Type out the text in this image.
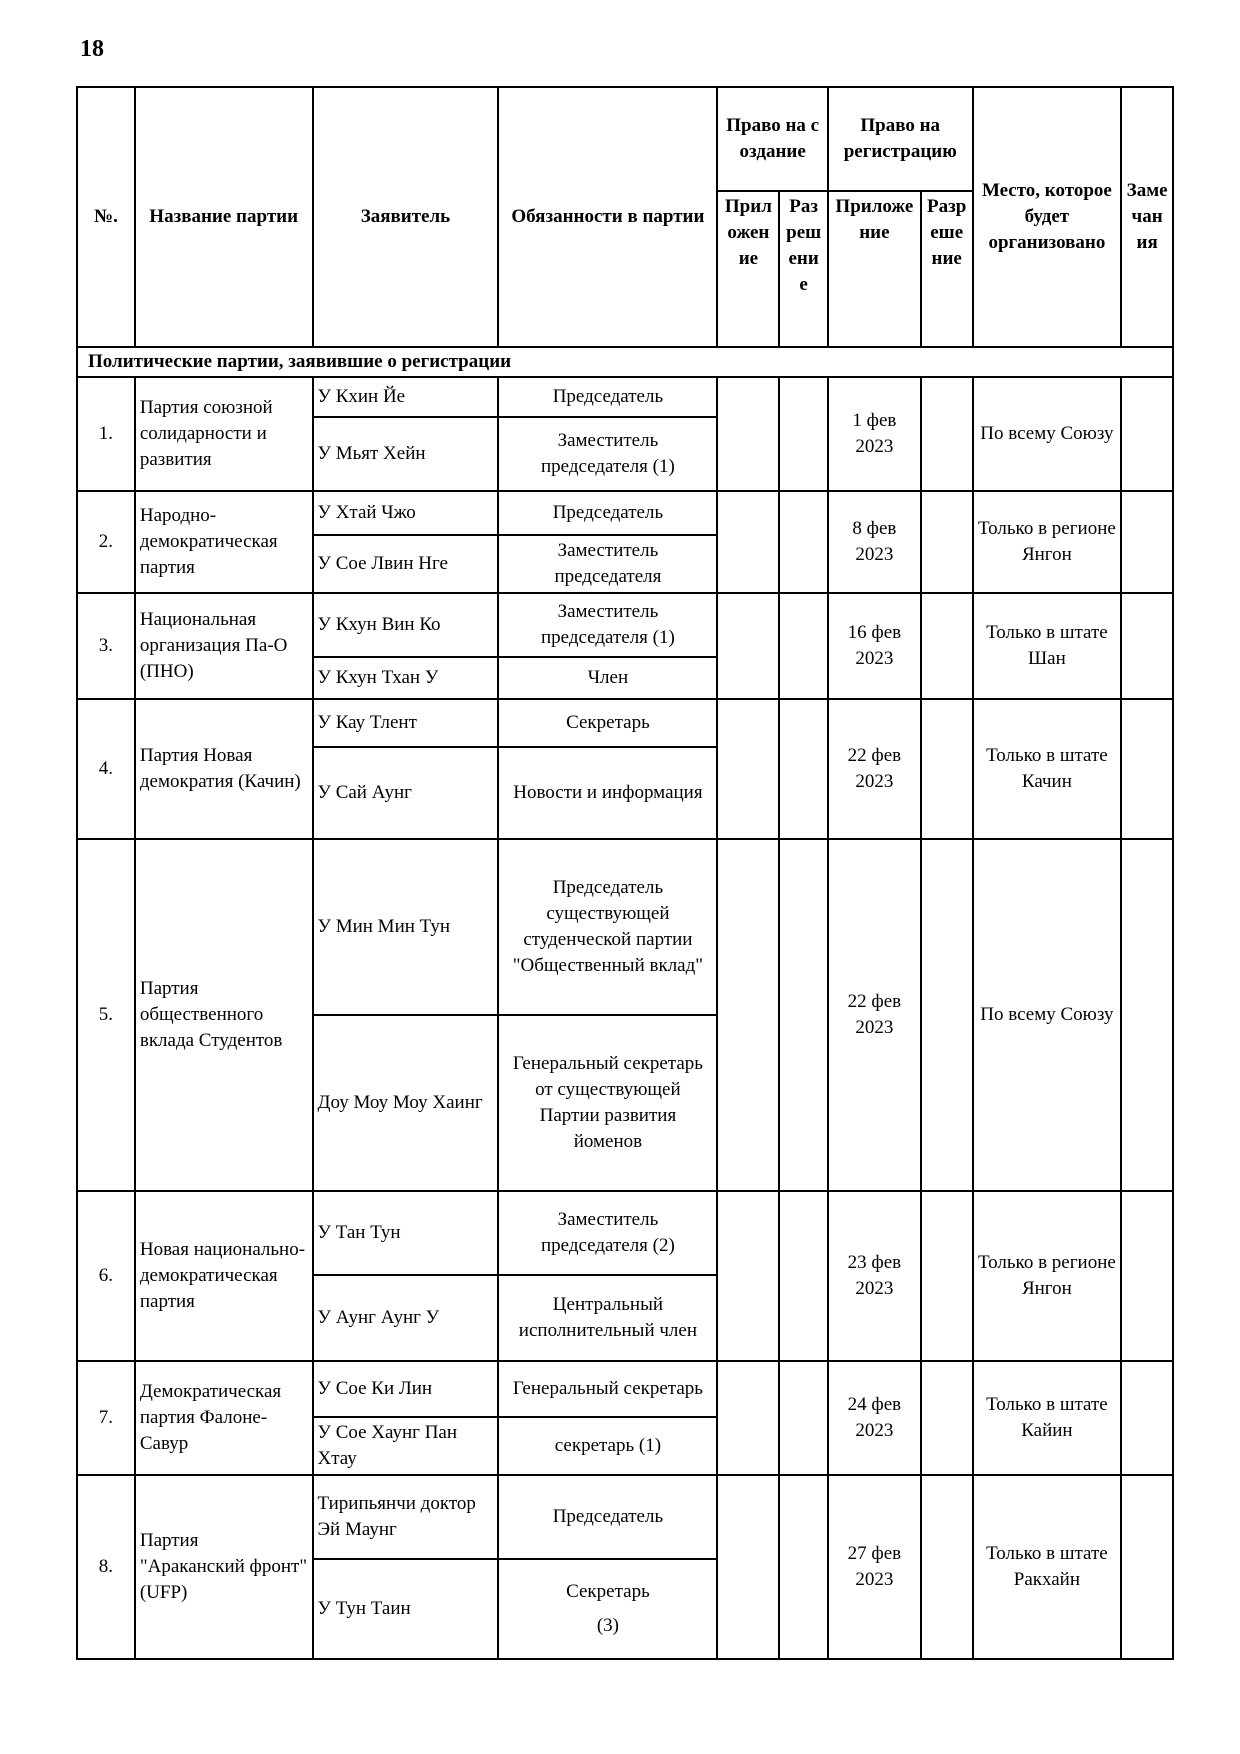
18
№.	Название партии	Заявитель	Обязанности в партии	Право на создание		Право на регистрацию		Место, которое будет организовано	Замечания
				Приложение	Разрешение	Приложение	Разрешение		
Политические партии, заявившие о регистрации									
1.	Партия союзной солидарности и развития	У Кхин Йе	Председатель			1 фев 2023		По всему Союзу	
		У Мьят Хейн	Заместитель председателя (1)						
2.	Народно-демократическая партия	У Хтай Чжо	Председатель			8 фев 2023		Только в регионе Янгон	
		У Сое Лвин Нге	Заместитель председателя						
3.	Национальная организация Па-О (ПНО)	У Кхун Вин Ко	Заместитель председателя (1)			16 фев 2023		Только в штате Шан	
		У Кхун Тхан У	Член						
4.	Партия Новая демократия (Качин)	У Кау Тлент	Секретарь			22 фев 2023		Только в штате Качин	
		У Сай Аунг	Новости и информация						
5.	Партия общественного вклада Студентов	У Мин Мин Тун	Председатель существующей студенческой партии "Общественный вклад"			22 фев 2023		По всему Союзу	
		Доу Моу Моу Хаинг	Генеральный секретарь от существующей Партии развития йоменов						
6.	Новая национально-демократическая партия	У Тан Тун	Заместитель председателя (2)			23 фев 2023		Только в регионе Янгон	
		У Аунг Аунг У	Центральный исполнительный член						
7.	Демократическая партия Фалоне-Савур	У Сое Ки Лин	Генеральный секретарь			24 фев 2023		Только в штате Кайин	
		У Сое Хаунг Пан Хтау	секретарь (1)						
8.	Партия "Араканский фронт" (UFP)	Тирипьянчи доктор Эй Маунг	Председатель			27 фев 2023		Только в штате Ракхайн	
		У Тун Таин	Секретарь
(3)						
